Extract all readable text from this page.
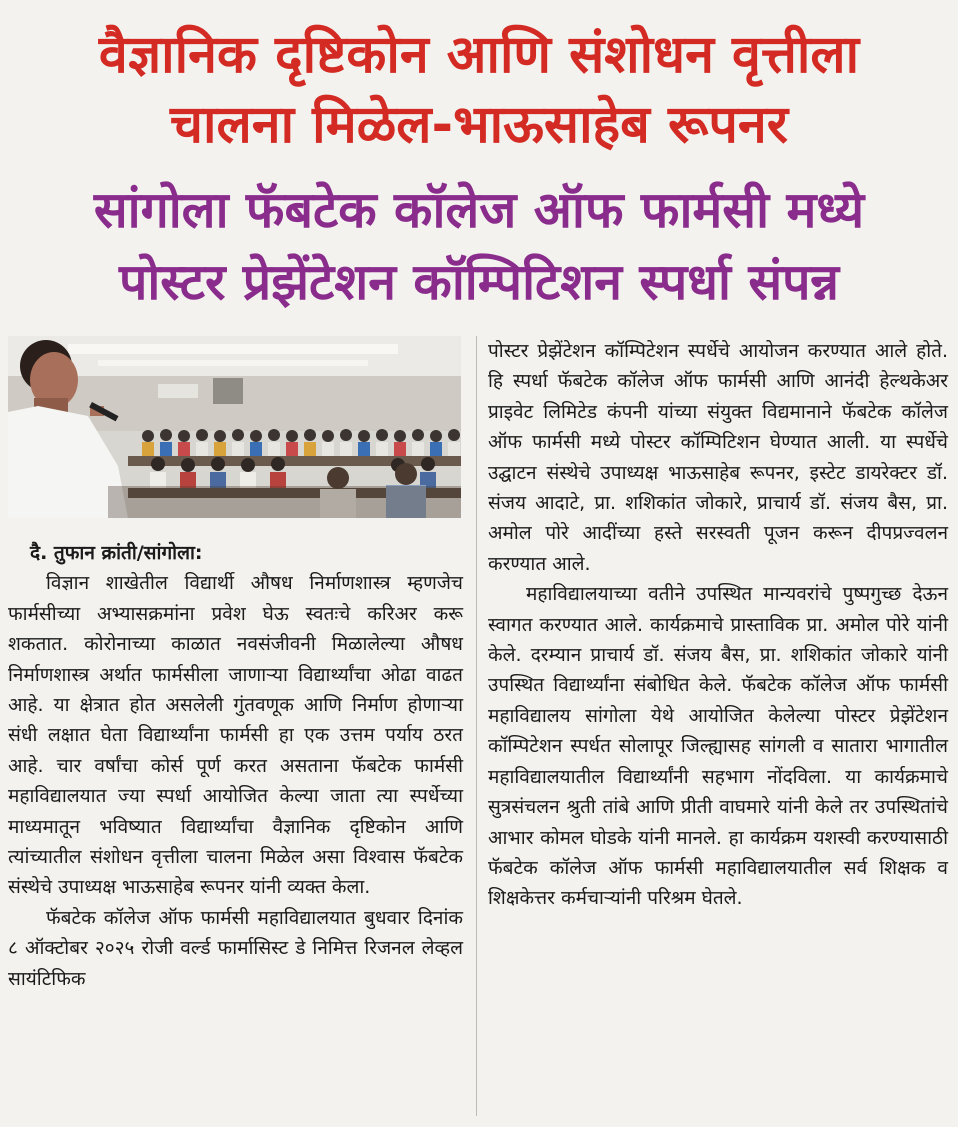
वैज्ञानिक दृष्टिकोन आणि संशोधन वृत्तीला
चालना मिळेल-भाऊसाहेब रूपनर
सांगोला फॅबटेक कॉलेज ऑफ फार्मसी मध्ये
पोस्टर प्रेझेंटेशन कॉम्पिटिशन स्पर्धा संपन्न

दै. तुफान क्रांती/सांगोला:

विज्ञान शाखेतील विद्यार्थी औषध निर्माणशास्त्र म्हणजेच फार्मसीच्या अभ्यासक्रमांना प्रवेश घेऊ स्वतःचे करिअर करू शकतात. कोरोनाच्या काळात नवसंजीवनी मिळालेल्या औषध निर्माणशास्त्र अर्थात फार्मसीला जाणाऱ्या विद्यार्थ्यांचा ओढा वाढत आहे. या क्षेत्रात होत असलेली गुंतवणूक आणि निर्माण होणाऱ्या संधी लक्षात घेता विद्यार्थ्यांना फार्मसी हा एक उत्तम पर्याय ठरत आहे. चार वर्षांचा कोर्स पूर्ण करत असताना फॅबटेक फार्मसी महाविद्यालयात ज्या स्पर्धा आयोजित केल्या जाता त्या स्पर्धेच्या माध्यमातून भविष्यात विद्यार्थ्यांचा वैज्ञानिक दृष्टिकोन आणि त्यांच्यातील संशोधन वृत्तीला चालना मिळेल असा विश्वास फॅबटेक संस्थेचे उपाध्यक्ष भाऊसाहेब रूपनर यांनी व्यक्त केला.

फॅबटेक कॉलेज ऑफ फार्मसी महाविद्यालयात बुधवार दिनांक ८ ऑक्टोबर २०२५ रोजी वर्ल्ड फार्मासिस्ट डे निमित्त रिजनल लेव्हल सायंटिफिक

पोस्टर प्रेझेंटेशन कॉम्पिटेशन स्पर्धेचे आयोजन करण्यात आले होते. हि स्पर्धा फॅबटेक कॉलेज ऑफ फार्मसी आणि आनंदी हेल्थकेअर प्राइवेट लिमिटेड कंपनी यांच्या संयुक्त विद्यमानाने फॅबटेक कॉलेज ऑफ फार्मसी मध्ये पोस्टर कॉम्पिटिशन घेण्यात आली. या स्पर्धेचे उद्घाटन संस्थेचे उपाध्यक्ष भाऊसाहेब रूपनर, इस्टेट डायरेक्टर डॉ. संजय आदाटे, प्रा. शशिकांत जोकारे, प्राचार्य डॉ. संजय बैस, प्रा. अमोल पोरे आदींच्या हस्ते सरस्वती पूजन करून दीपप्रज्वलन करण्यात आले.

महाविद्यालयाच्या वतीने उपस्थित मान्यवरांचे पुष्पगुच्छ देऊन स्वागत करण्यात आले. कार्यक्रमाचे प्रास्ताविक प्रा. अमोल पोरे यांनी केले. दरम्यान प्राचार्य डॉ. संजय बैस, प्रा. शशिकांत जोकारे यांनी उपस्थित विद्यार्थ्यांना संबोधित केले. फॅबटेक कॉलेज ऑफ फार्मसी महाविद्यालय सांगोला येथे आयोजित केलेल्या पोस्टर प्रेझेंटेशन कॉम्पिटेशन स्पर्धत सोलापूर जिल्ह्यासह सांगली व सातारा भागातील महाविद्यालयातील विद्यार्थ्यांनी सहभाग नोंदविला. या कार्यक्रमाचे सुत्रसंचलन श्रुती तांबे आणि प्रीती वाघमारे यांनी केले तर उपस्थितांचे आभार कोमल घोडके यांनी मानले. हा कार्यक्रम यशस्वी करण्यासाठी फॅबटेक कॉलेज ऑफ फार्मसी महाविद्यालयातील सर्व शिक्षक व शिक्षकेत्तर कर्मचाऱ्यांनी परिश्रम घेतले.
